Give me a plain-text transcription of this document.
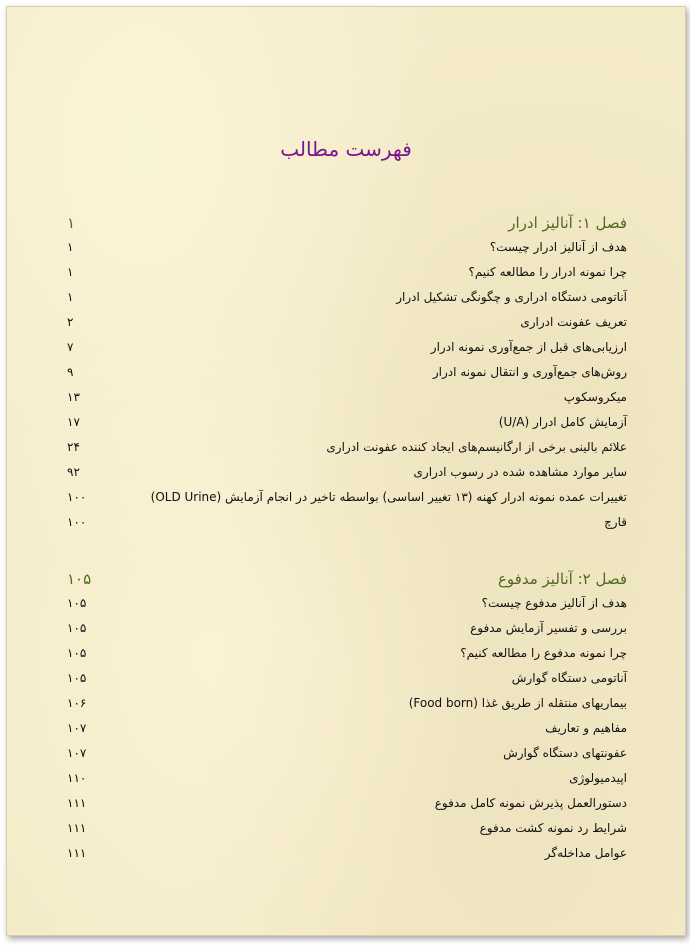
فهرست مطالب
فصل ۱: آنالیز ادرار
۱
هدف از آنالیز ادرار چیست؟
۱
چرا نمونه ادرار را مطالعه کنیم؟
۱
آناتومی دستگاه ادراری و چگونگی تشکیل ادرار
۱
تعریف عفونت ادراری
۲
ارزیابی‌های قبل از جمع‌آوری نمونه ادرار
۷
روش‌های جمع‌آوری و انتقال نمونه ادرار
۹
میکروسکوپ
۱۳
آزمایش کامل ادرار (U/A)
۱۷
علائم بالینی برخی از ارگانیسم‌های ایجاد کننده عفونت ادراری
۲۴
سایر موارد مشاهده شده در رسوب ادراری
۹۲
تغییرات عمده نمونه ادرار کهنه (۱۳ تغییر اساسی) بواسطه تاخیر در انجام آزمایش (OLD Urine)
۱۰۰
قارچ
۱۰۰
فصل ۲: آنالیز مدفوع
۱۰۵
هدف از آنالیز مدفوع چیست؟
۱۰۵
بررسی و تفسیر آزمایش مدفوع
۱۰۵
چرا نمونه مدفوع را مطالعه کنیم؟
۱۰۵
آناتومی دستگاه گوارش
۱۰۵
بیماریهای منتقله از طریق غذا (Food born)
۱۰۶
مفاهیم و تعاریف
۱۰۷
عفونتهای دستگاه گوارش
۱۰۷
اپیدمیولوژی
۱۱۰
دستورالعمل پذیرش نمونه کامل مدفوع
۱۱۱
شرایط رد نمونه کشت مدفوع
۱۱۱
عوامل مداخله‌گر
۱۱۱
